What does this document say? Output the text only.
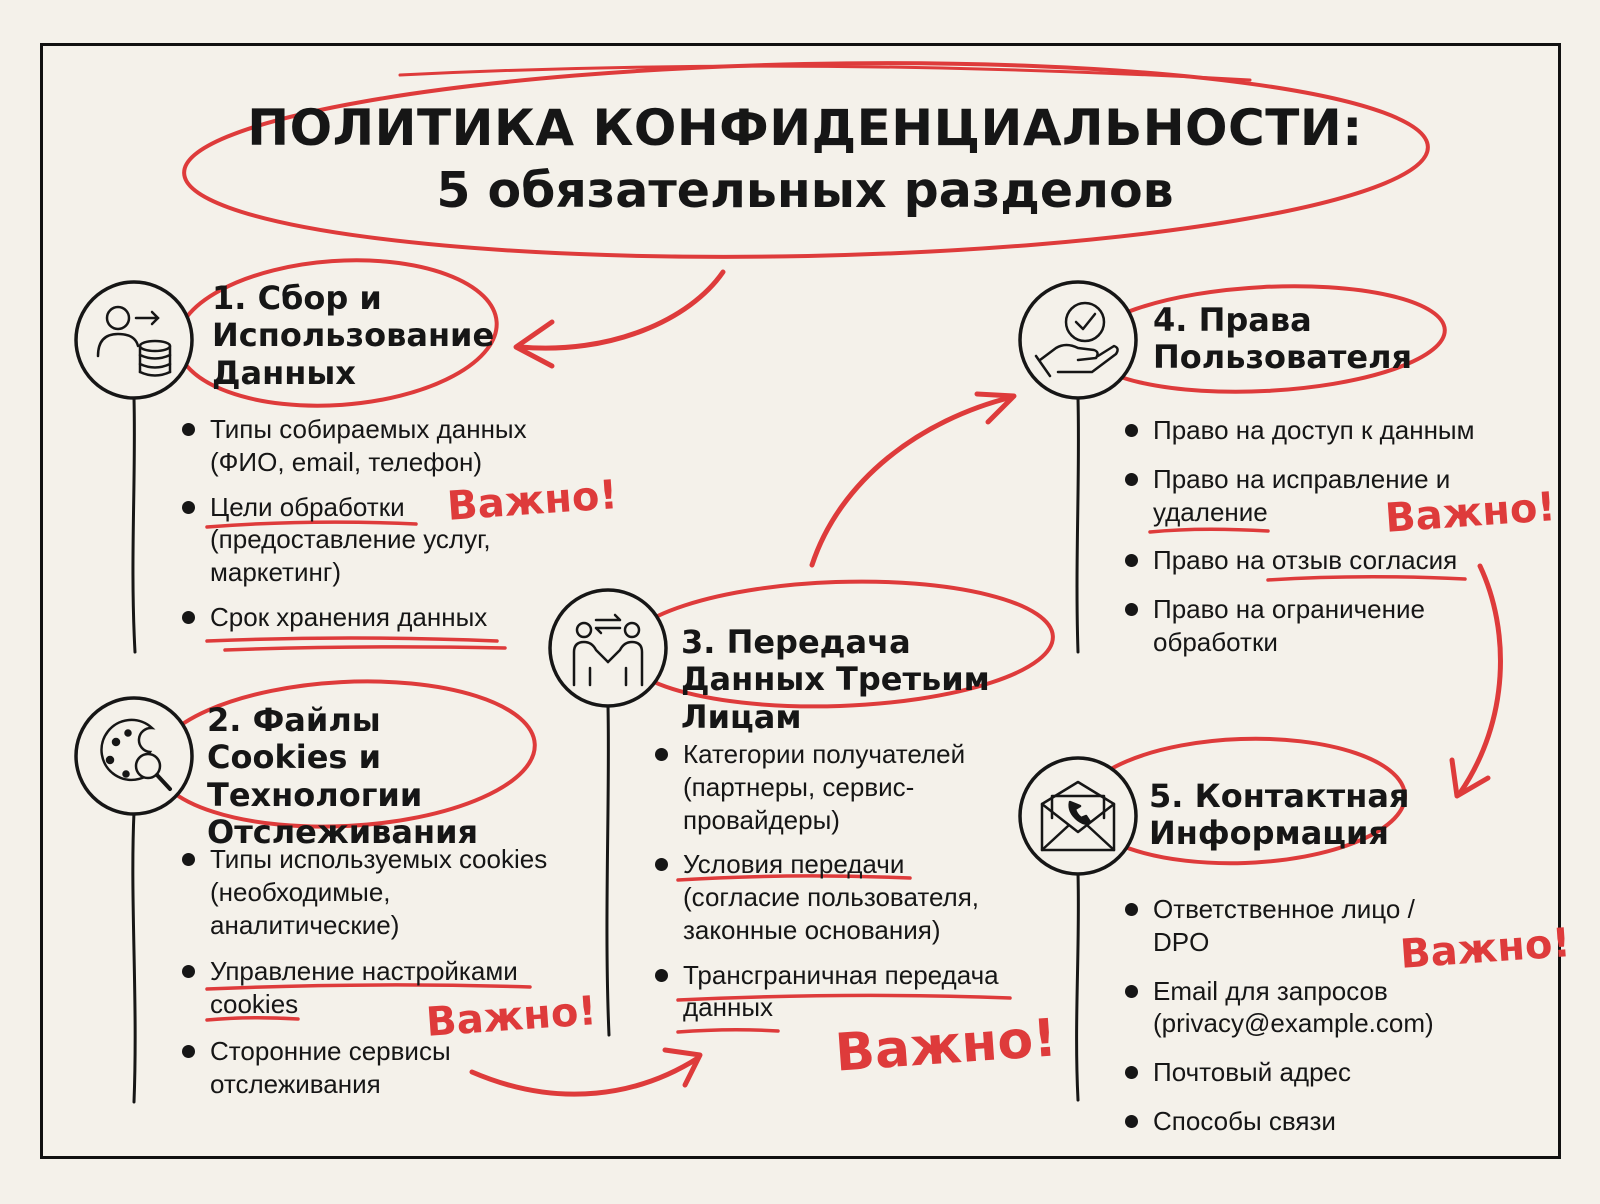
ПОЛИТИКА КОНФИДЕНЦИАЛЬНОСТИ:
5 обязательных разделов
1. Сбор и Использование Данных
Типы собираемых данных (ФИО, email, телефон)
Цели обработки (предоставление услуг, маркетинг)
Срок хранения данных
Важно!
2. Файлы Cookies и Технологии Отслеживания
Типы используемых cookies (необходимые, аналитические)
Управление настройками cookies
Сторонние сервисы отслеживания
Важно!
3. Передача Данных Третьим Лицам
Категории получателей (партнеры, сервис-провайдеры)
Условия передачи (согласие пользователя, законные основания)
Трансграничная передача данных
Важно!
4. Права Пользователя
Право на доступ к данным
Право на исправление и удаление
Право на отзыв согласия
Право на ограничение обработки
Важно!
5. Контактная Информация
Ответственное лицо / DPO
Email для запросов (privacy@example.com)
Почтовый адрес
Способы связи
Важно!
